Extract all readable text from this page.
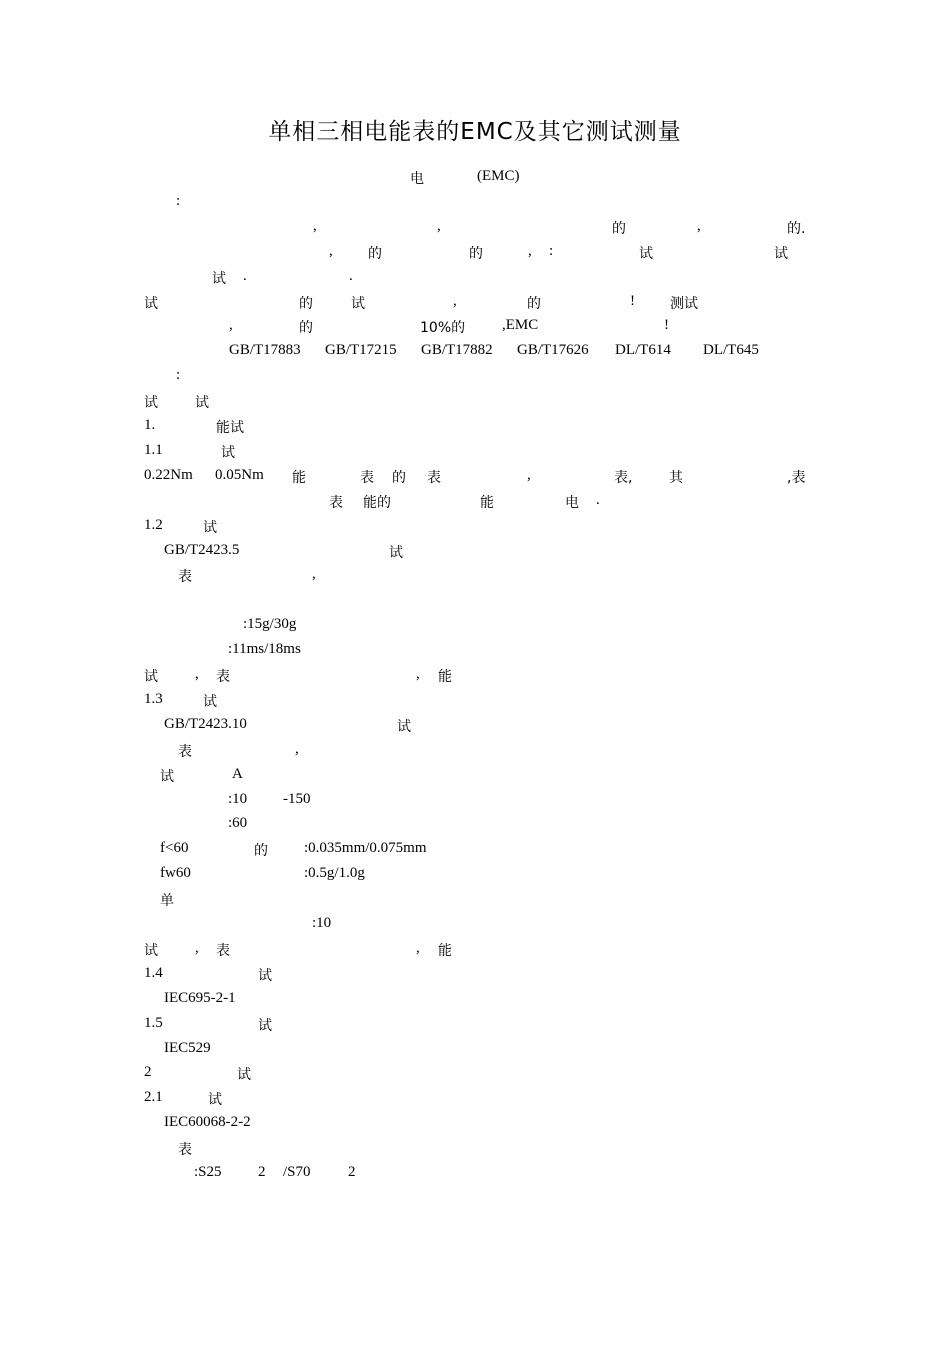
单相三相电能表的EMC及其它测试测量
电	(EMC)
:
,	,	的	,	的.
,	的	的	, :	试	试
试 .	.
试	的	试	,	的	!	测试
,	的	10%的 ,EMC	!
GB/T17883 GB/T17215 GB/T17882 GB/T17626 DL/T614 DL/T645
:
试	试
1.	能试
1.1	试
0.22Nm 0.05Nm 能	表 的 表	,	表,	其	,表
表 能的	能	电 .
1.2	试
GB/T2423.5	试
表	,
:15g/30g
:11ms/18ms
试 , 表	, 能
1.3	试
GB/T2423.10	试
表	,
试	A
:10 -150
:60
f<60	的 :0.035mm/0.075mm
fw60	:0.5g/1.0g
单
:10
试 , 表	, 能
1.4	试
IEC695-2-1
1.5	试
IEC529
2	试
2.1	试
IEC60068-2-2
表
:S25 2 /S70 2
